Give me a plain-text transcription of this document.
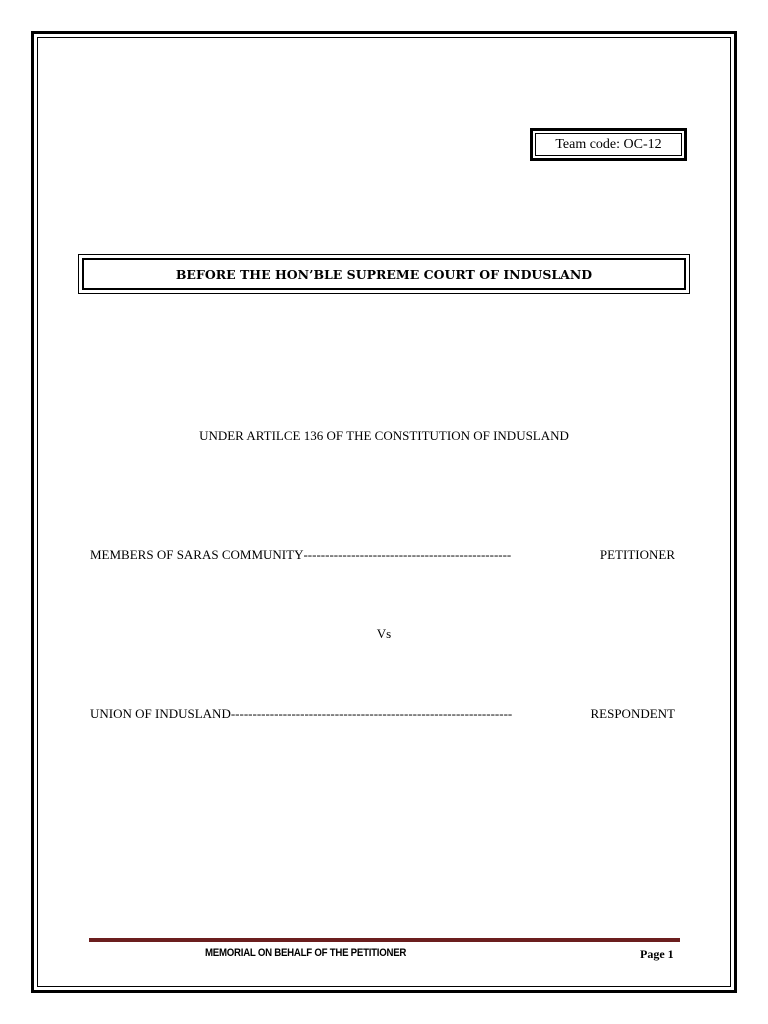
Team code: OC-12
BEFORE THE HON’BLE SUPREME COURT OF INDUSLAND
UNDER ARTILCE 136 OF THE CONSTITUTION OF INDUSLAND
MEMBERS OF SARAS COMMUNITY ------------------------------------------------	PETITIONER
Vs
UNION OF INDUSLAND -----------------------------------------------------------------	RESPONDENT
MEMORIAL ON BEHALF OF THE PETITIONER	Page 1
